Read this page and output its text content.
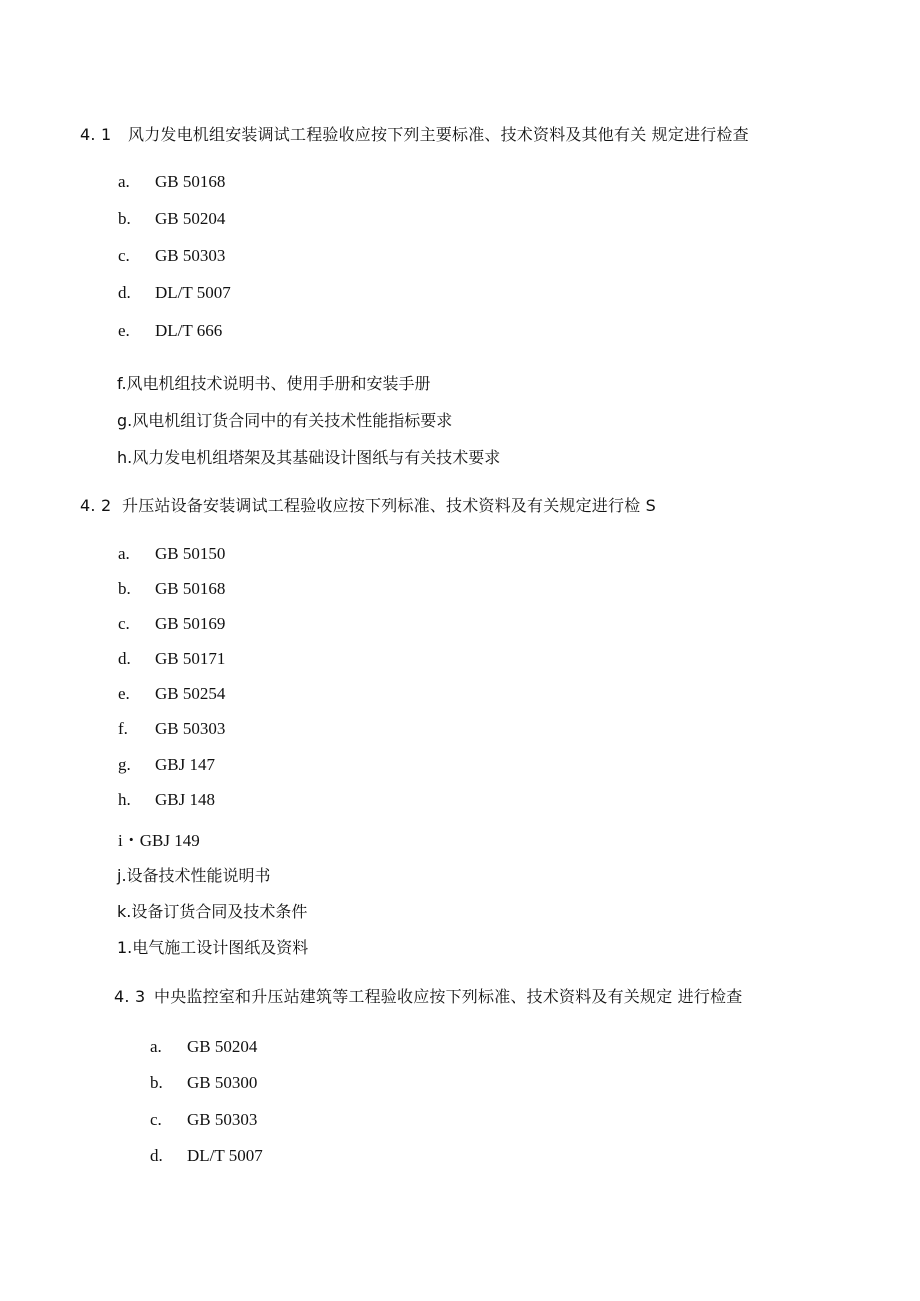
4. 1 风力发电机组安装调试工程验收应按下列主要标准、技术资料及其他有关 规定进行检查
a. GB 50168
b. GB 50204
c. GB 50303
d. DL/T 5007
e. DL/T 666
f.风电机组技术说明书、使用手册和安装手册
g.风电机组订货合同中的有关技术性能指标要求
h.风力发电机组塔架及其基础设计图纸与有关技术要求
4. 2 升压站设备安装调试工程验收应按下列标准、技术资料及有关规定进行检 S
a. GB 50150
b. GB 50168
c. GB 50169
d. GB 50171
e. GB 50254
f. GB 50303
g. GBJ 147
h. GBJ 148
i・GBJ 149
j.设备技术性能说明书
k.设备订货合同及技术条件
1.电气施工设计图纸及资料
4. 3 中央监控室和升压站建筑等工程验收应按下列标准、技术资料及有关规定 进行检查
a. GB 50204
b. GB 50300
c. GB 50303
d. DL/T 5007
